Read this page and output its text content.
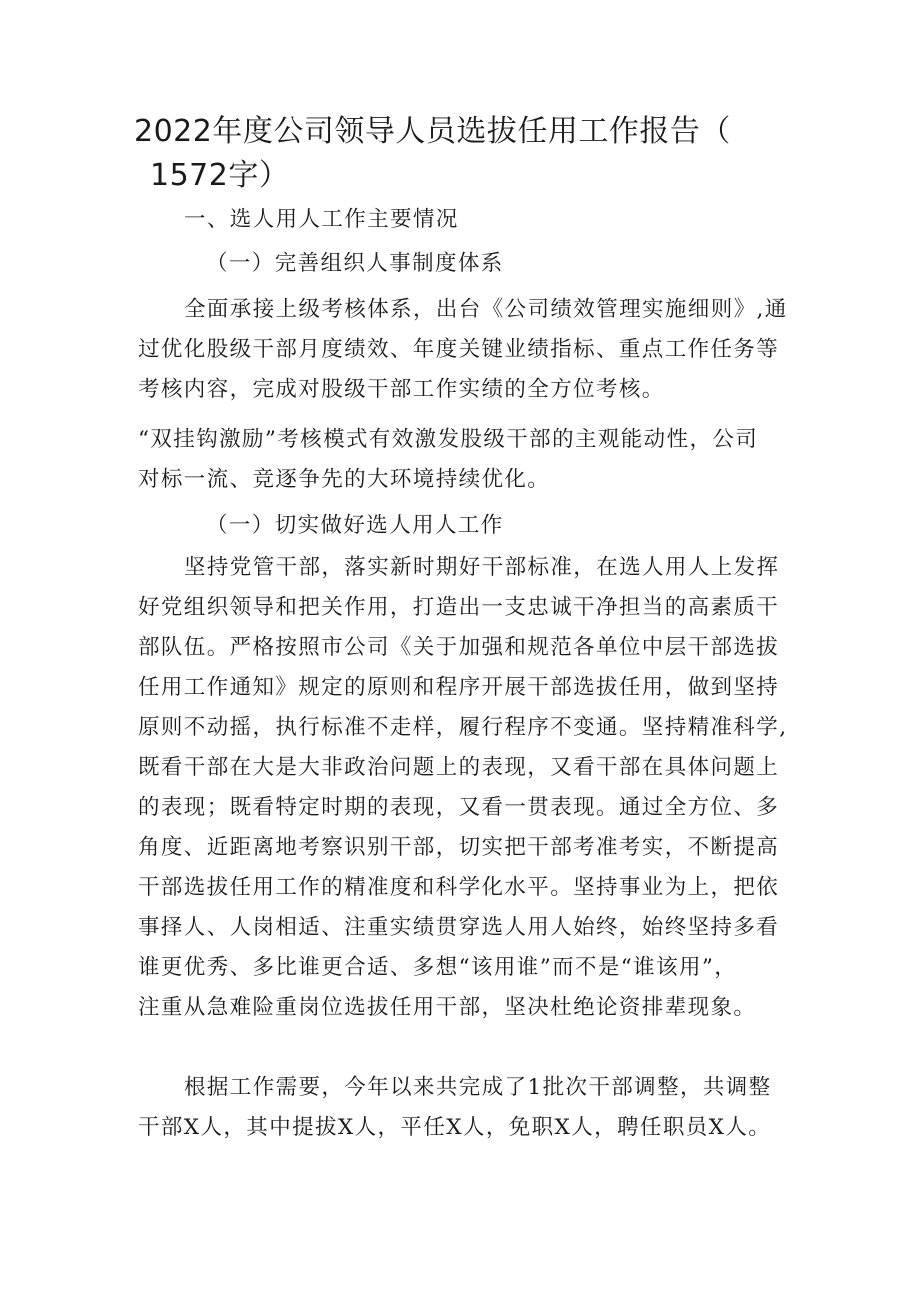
2022年度公司领导人员选拔任用工作报告（
1572字）
一、选人用人工作主要情况
（一）完善组织人事制度体系
全面承接上级考核体系，出台《公司绩效管理实施细则》,通
过优化股级干部月度绩效、年度关键业绩指标、重点工作任务等
考核内容，完成对股级干部工作实绩的全方位考核。
“双挂钩激励”考核模式有效激发股级干部的主观能动性，公司
对标一流、竞逐争先的大环境持续优化。
（一）切实做好选人用人工作
坚持党管干部，落实新时期好干部标准，在选人用人上发挥
好党组织领导和把关作用，打造出一支忠诚干净担当的高素质干
部队伍。严格按照市公司《关于加强和规范各单位中层干部选拔
任用工作通知》规定的原则和程序开展干部选拔任用，做到坚持
原则不动摇，执行标准不走样，履行程序不变通。坚持精准科学,
既看干部在大是大非政治问题上的表现，又看干部在具体问题上
的表现；既看特定时期的表现，又看一贯表现。通过全方位、多
角度、近距离地考察识别干部，切实把干部考准考实，不断提高
干部选拔任用工作的精准度和科学化水平。坚持事业为上，把依
事择人、人岗相适、注重实绩贯穿选人用人始终，始终坚持多看
谁更优秀、多比谁更合适、多想“该用谁”而不是“谁该用”，
注重从急难险重岗位选拔任用干部，坚决杜绝论资排辈现象。
根据工作需要，今年以来共完成了1批次干部调整，共调整
干部X人，其中提拔X人，平任X人，免职X人，聘任职员X人。
